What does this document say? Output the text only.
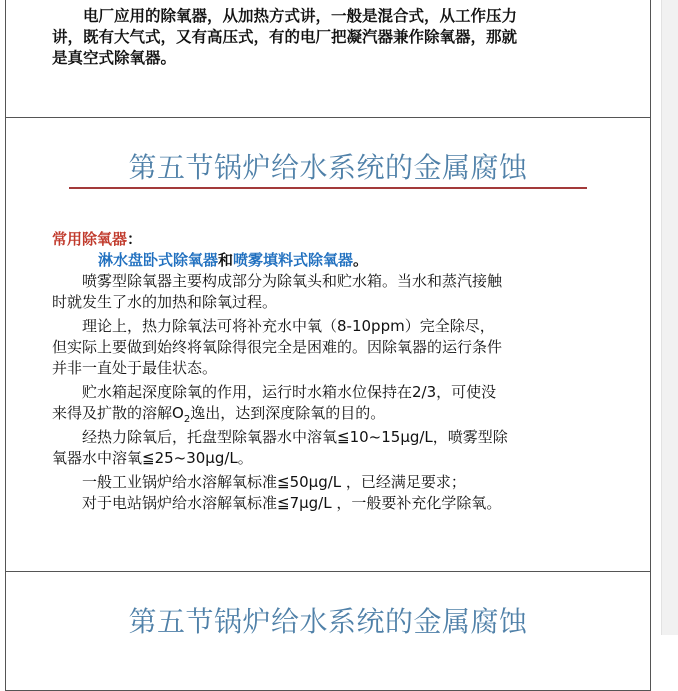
　　电厂应用的除氧器，从加热方式讲，一般是混合式，从工作压力
讲，既有大气式，又有高压式，有的电厂把凝汽器兼作除氧器，那就
是真空式除氧器。
第五节锅炉给水系统的金属腐蚀
常用除氧器：
淋水盘卧式除氧器和喷雾填料式除氧器。
　　喷雾型除氧器主要构成部分为除氧头和贮水箱。当水和蒸汽接触
时就发生了水的加热和除氧过程。
　　理论上，热力除氧法可将补充水中氧（8-10ppm）完全除尽，
但实际上要做到始终将氧除得很完全是困难的。因除氧器的运行条件
并非一直处于最佳状态。
　　贮水箱起深度除氧的作用，运行时水箱水位保持在2/3，可使没
来得及扩散的溶解$O_2$逸出，达到深度除氧的目的。
　　经热力除氧后，托盘型除氧器水中溶氧≦10~15μg/L，喷雾型除
氧器水中溶氧≦25~30μg/L。
　　一般工业锅炉给水溶解氧标准≦50μg/L ，已经满足要求；
　　对于电站锅炉给水溶解氧标准≦7μg/L ，一般要补充化学除氧。
第五节锅炉给水系统的金属腐蚀
